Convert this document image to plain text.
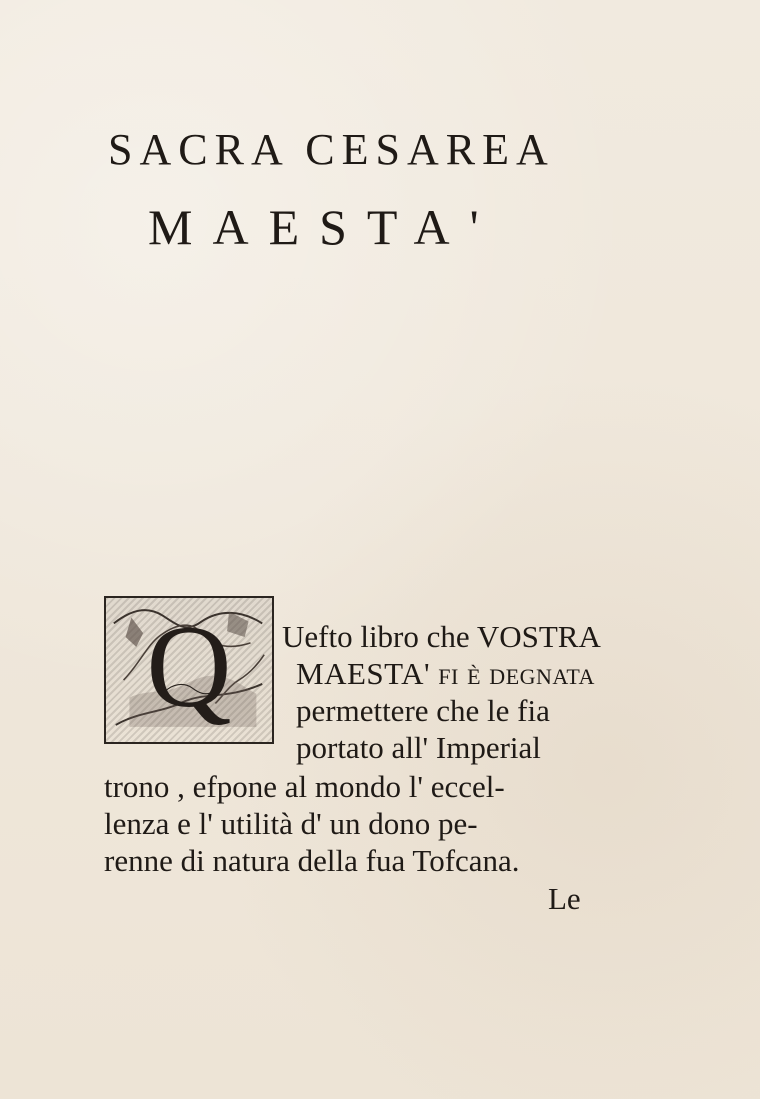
SACRA CESAREA
MAESTA'
Q	Uefto libro che VOSTRA
MAESTA' fi è degnata
permettere che le fia
portato all' Imperial
trono , efpone al mondo l' eccel-
lenza e l' utilità d' un dono pe-
renne di natura della fua Tofcana.
Le
